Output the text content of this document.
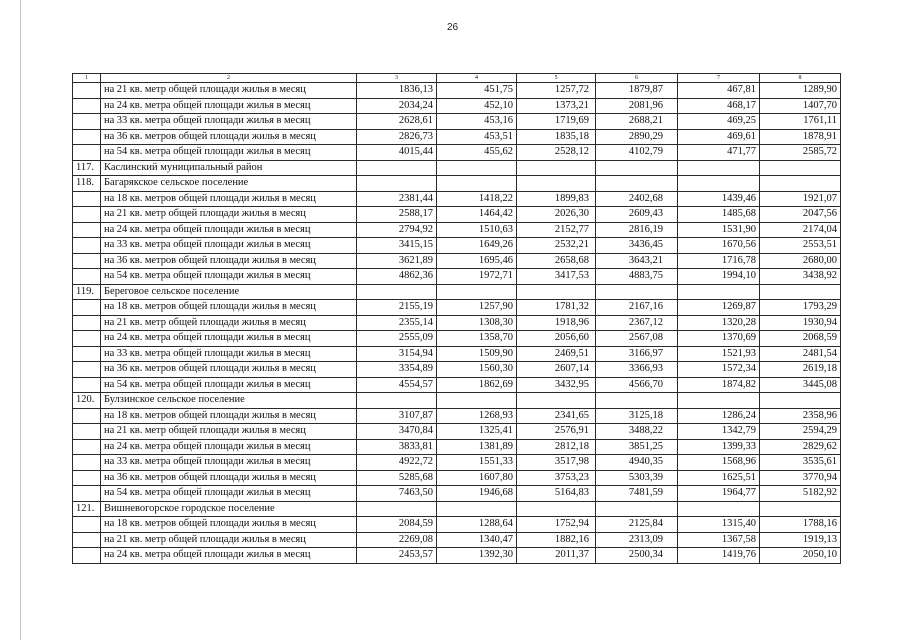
26
1	2	3	4	5	6	7	8
	на 21 кв. метр общей площади жилья в месяц	1836,13	451,75	1257,72	1879,87	467,81	1289,90
	на 24 кв. метра общей площади жилья в месяц	2034,24	452,10	1373,21	2081,96	468,17	1407,70
	на 33 кв. метра общей площади жилья в месяц	2628,61	453,16	1719,69	2688,21	469,25	1761,11
	на 36 кв. метров общей площади жилья в месяц	2826,73	453,51	1835,18	2890,29	469,61	1878,91
	на 54 кв. метра общей площади жилья в месяц	4015,44	455,62	2528,12	4102,79	471,77	2585,72
117.	Каслинский муниципальный район						
118.	Багарякское сельское поселение						
	на 18 кв. метров общей площади жилья в месяц	2381,44	1418,22	1899,83	2402,68	1439,46	1921,07
	на 21 кв. метр общей площади жилья в месяц	2588,17	1464,42	2026,30	2609,43	1485,68	2047,56
	на 24 кв. метра общей площади жилья в месяц	2794,92	1510,63	2152,77	2816,19	1531,90	2174,04
	на 33 кв. метра общей площади жилья в месяц	3415,15	1649,26	2532,21	3436,45	1670,56	2553,51
	на 36 кв. метров общей площади жилья в месяц	3621,89	1695,46	2658,68	3643,21	1716,78	2680,00
	на 54 кв. метра общей площади жилья в месяц	4862,36	1972,71	3417,53	4883,75	1994,10	3438,92
119.	Береговое сельское поселение						
	на 18 кв. метров общей площади жилья в месяц	2155,19	1257,90	1781,32	2167,16	1269,87	1793,29
	на 21 кв. метр общей площади жилья в месяц	2355,14	1308,30	1918,96	2367,12	1320,28	1930,94
	на 24 кв. метра общей площади жилья в месяц	2555,09	1358,70	2056,60	2567,08	1370,69	2068,59
	на 33 кв. метра общей площади жилья в месяц	3154,94	1509,90	2469,51	3166,97	1521,93	2481,54
	на 36 кв. метров общей площади жилья в месяц	3354,89	1560,30	2607,14	3366,93	1572,34	2619,18
	на 54 кв. метра общей площади жилья в месяц	4554,57	1862,69	3432,95	4566,70	1874,82	3445,08
120.	Булзинское сельское поселение						
	на 18 кв. метров общей площади жилья в месяц	3107,87	1268,93	2341,65	3125,18	1286,24	2358,96
	на 21 кв. метр общей площади жилья в месяц	3470,84	1325,41	2576,91	3488,22	1342,79	2594,29
	на 24 кв. метра общей площади жилья в месяц	3833,81	1381,89	2812,18	3851,25	1399,33	2829,62
	на 33 кв. метра общей площади жилья в месяц	4922,72	1551,33	3517,98	4940,35	1568,96	3535,61
	на 36 кв. метров общей площади жилья в месяц	5285,68	1607,80	3753,23	5303,39	1625,51	3770,94
	на 54 кв. метра общей площади жилья в месяц	7463,50	1946,68	5164,83	7481,59	1964,77	5182,92
121.	Вишневогорское городское поселение						
	на 18 кв. метров общей площади жилья в месяц	2084,59	1288,64	1752,94	2125,84	1315,40	1788,16
	на 21 кв. метр общей площади жилья в месяц	2269,08	1340,47	1882,16	2313,09	1367,58	1919,13
	на 24 кв. метра общей площади жилья в месяц	2453,57	1392,30	2011,37	2500,34	1419,76	2050,10
